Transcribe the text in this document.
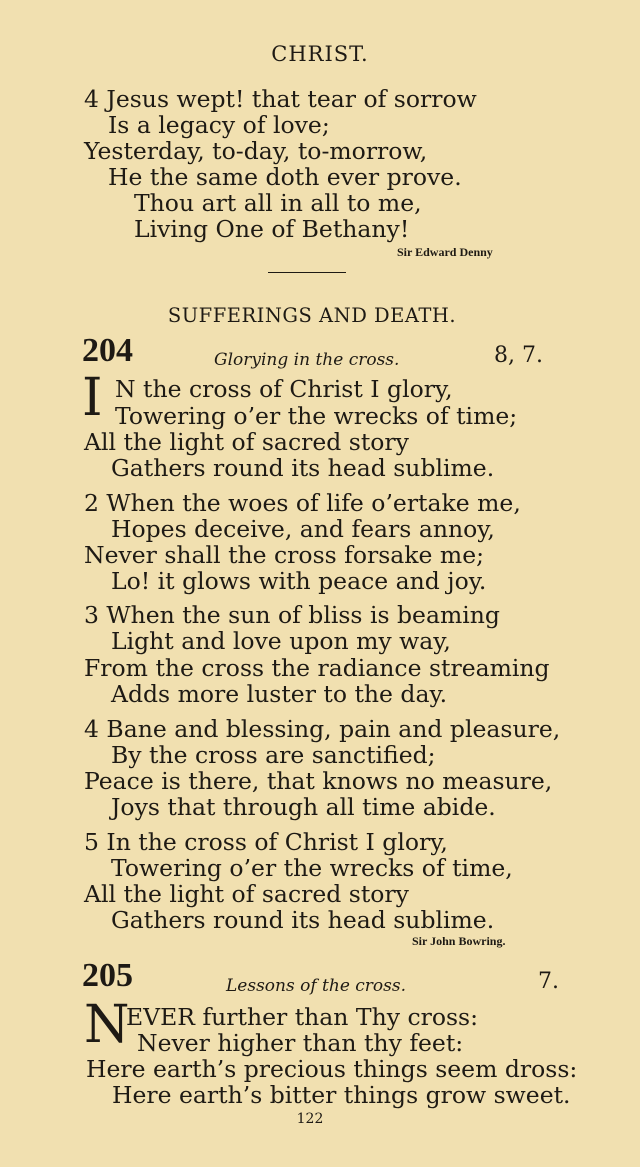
CHRIST.
4 Jesus wept! that tear of sorrow
Is a legacy of love;
Yesterday, to-day, to-morrow,
He the same doth ever prove.
Thou art all in all to me,
Living One of Bethany!
Sir Edward Denny
SUFFERINGS AND DEATH.
204	Glorying in the cross.	8, 7.
I N the cross of Christ I glory,
Towering o’er the wrecks of time;
All the light of sacred story
Gathers round its head sublime.
2 When the woes of life o’ertake me,
Hopes deceive, and fears annoy,
Never shall the cross forsake me;
Lo! it glows with peace and joy.
3 When the sun of bliss is beaming
Light and love upon my way,
From the cross the radiance streaming
Adds more luster to the day.
4 Bane and blessing, pain and pleasure,
By the cross are sanctified;
Peace is there, that knows no measure,
Joys that through all time abide.
5 In the cross of Christ I glory,
Towering o’er the wrecks of time,
All the light of sacred story
Gathers round its head sublime.
Sir John Bowring.
205	Lessons of the cross.	7.
N
EVER further than Thy cross:
Never higher than thy feet:
Here earth’s precious things seem dross:
Here earth’s bitter things grow sweet.
122
